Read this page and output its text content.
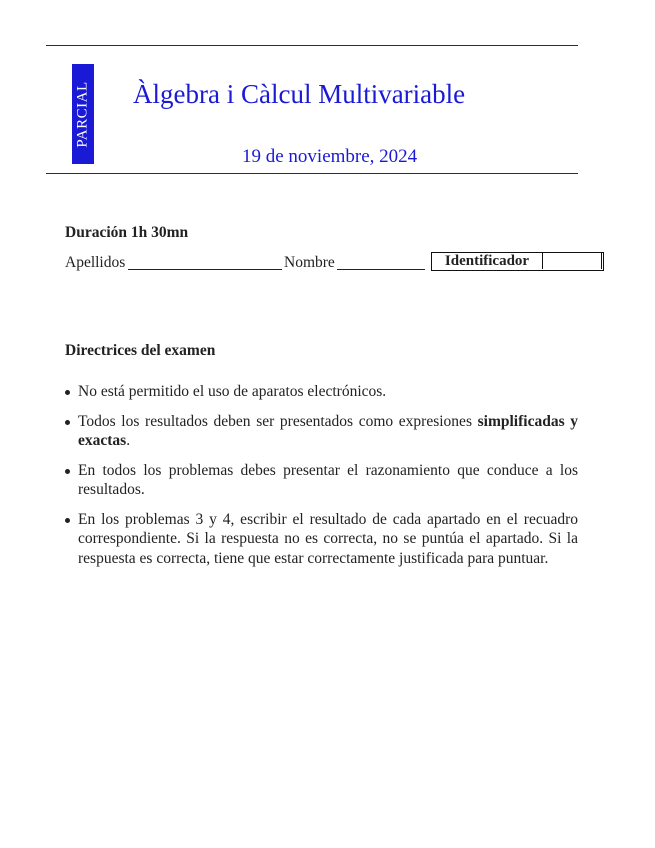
PARCIAL Àlgebra i Càlcul Multivariable
19 de noviembre, 2024
Duración 1h 30mn
Apellidos	Nombre	Identificador
Directrices del examen
No está permitido el uso de aparatos electrónicos.
Todos los resultados deben ser presentados como expresiones simplificadas y exactas.
En todos los problemas debes presentar el razonamiento que conduce a los resultados.
En los problemas 3 y 4, escribir el resultado de cada apartado en el recuadro correspondiente. Si la respuesta no es correcta, no se puntúa el apartado. Si la respuesta es correcta, tiene que estar correctamente justificada para puntuar.
